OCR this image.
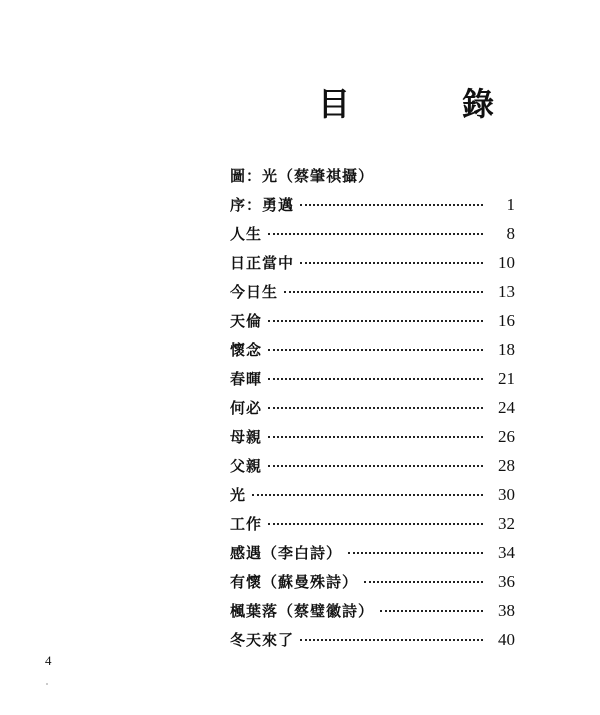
目　錄
圖：光（蔡肇祺攝）
序：勇邁	1
人生	8
日正當中	10
今日生	13
天倫	16
懷念	18
春暉	21
何必	24
母親	26
父親	28
光	30
工作	32
感遇（李白詩）	34
有懷（蘇曼殊詩）	36
楓葉落（蔡璧徽詩）	38
冬天來了	40
4
